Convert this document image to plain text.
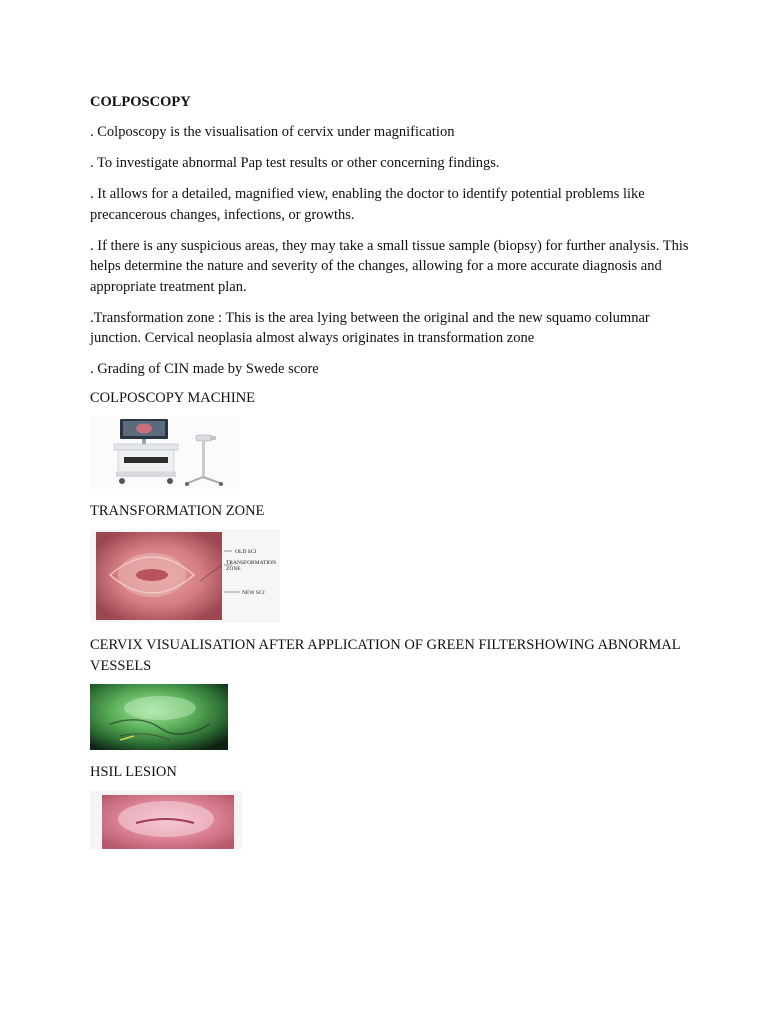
COLPOSCOPY
. Colposcopy is the visualisation of cervix under magnification
. To investigate abnormal Pap test results or other concerning findings.
. It allows for a detailed, magnified view, enabling the doctor to identify potential problems like precancerous changes, infections, or growths.
. If there is any suspicious areas, they may take a small tissue sample (biopsy) for further analysis. This helps determine the nature and severity of the changes, allowing for a more accurate diagnosis and appropriate treatment plan.
.Transformation zone : This is the area lying between the original and the new squamo columnar junction. Cervical neoplasia almost always originates in transformation zone
. Grading of CIN made by Swede score
COLPOSCOPY MACHINE
TRANSFORMATION ZONE
OLD SCJ
TRANSFORMATION
ZONE
NEW SCJ
CERVIX VISUALISATION AFTER APPLICATION OF GREEN FILTERSHOWING ABNORMAL VESSELS
HSIL LESION
